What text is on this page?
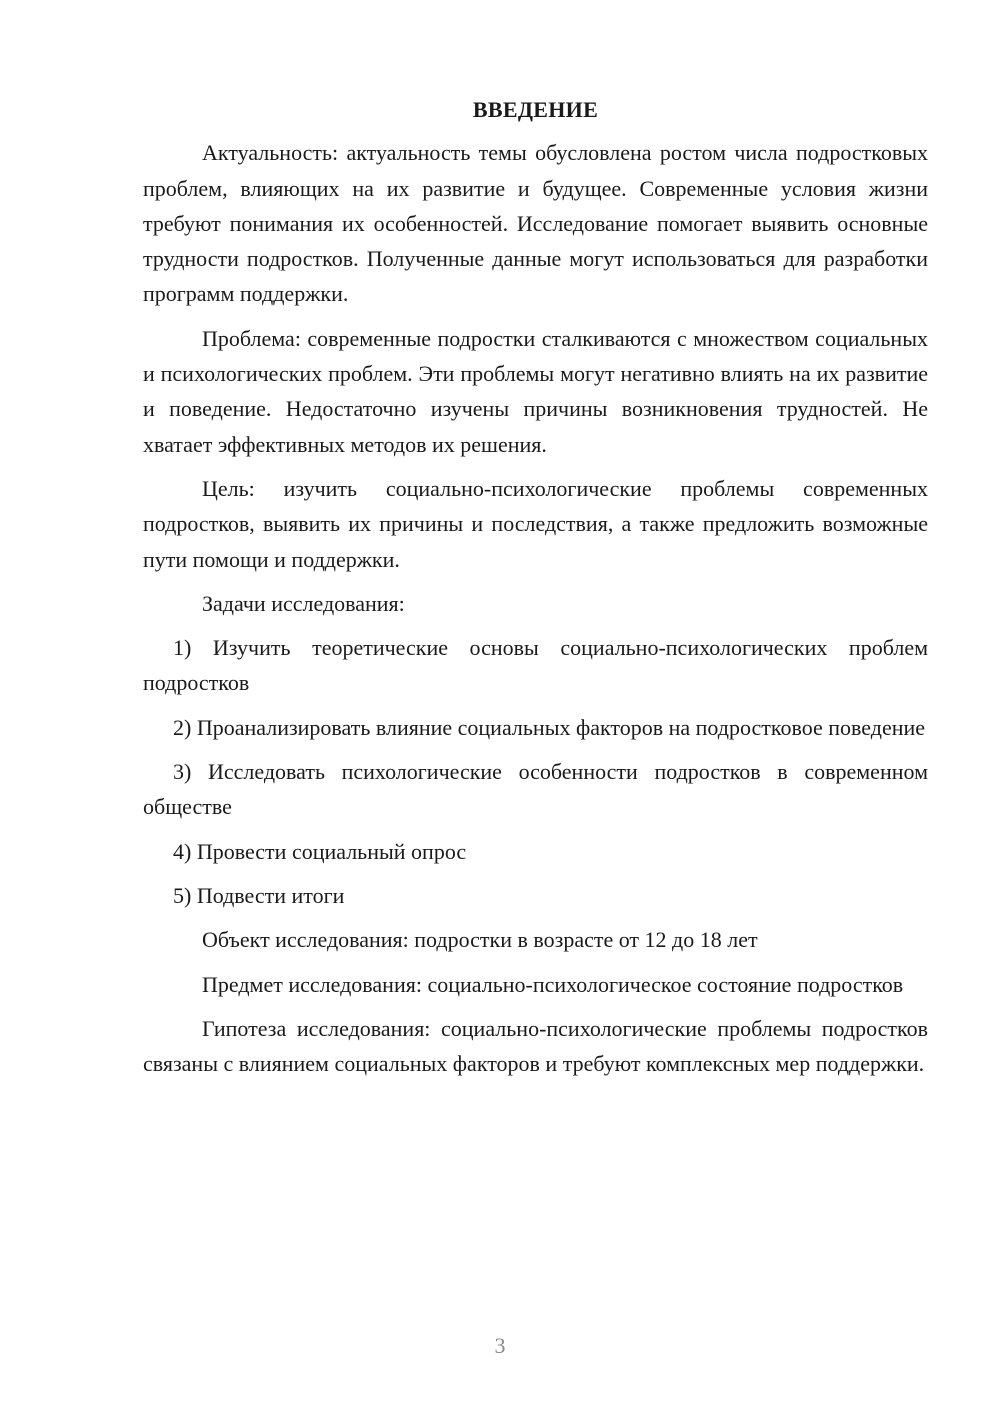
ВВЕДЕНИЕ

Актуальность: актуальность темы обусловлена ростом числа подростковых проблем, влияющих на их развитие и будущее. Современные условия жизни требуют понимания их особенностей. Исследование помогает выявить основные трудности подростков. Полученные данные могут использоваться для разработки программ поддержки.

Проблема: современные подростки сталкиваются с множеством социальных и психологических проблем. Эти проблемы могут негативно влиять на их развитие и поведение. Недостаточно изучены причины возникновения трудностей. Не хватает эффективных методов их решения.

Цель: изучить социально-психологические проблемы современных подростков, выявить их причины и последствия, а также предложить возможные пути помощи и поддержки.

Задачи исследования:

1) Изучить теоретические основы социально-психологических проблем подростков

2) Проанализировать влияние социальных факторов на подростковое поведение

3) Исследовать психологические особенности подростков в современном обществе

4) Провести социальный опрос

5) Подвести итоги

Объект исследования: подростки в возрасте от 12 до 18 лет

Предмет исследования: социально-психологическое состояние подростков

Гипотеза исследования: социально-психологические проблемы подростков связаны с влиянием социальных факторов и требуют комплексных мер поддержки.

3
